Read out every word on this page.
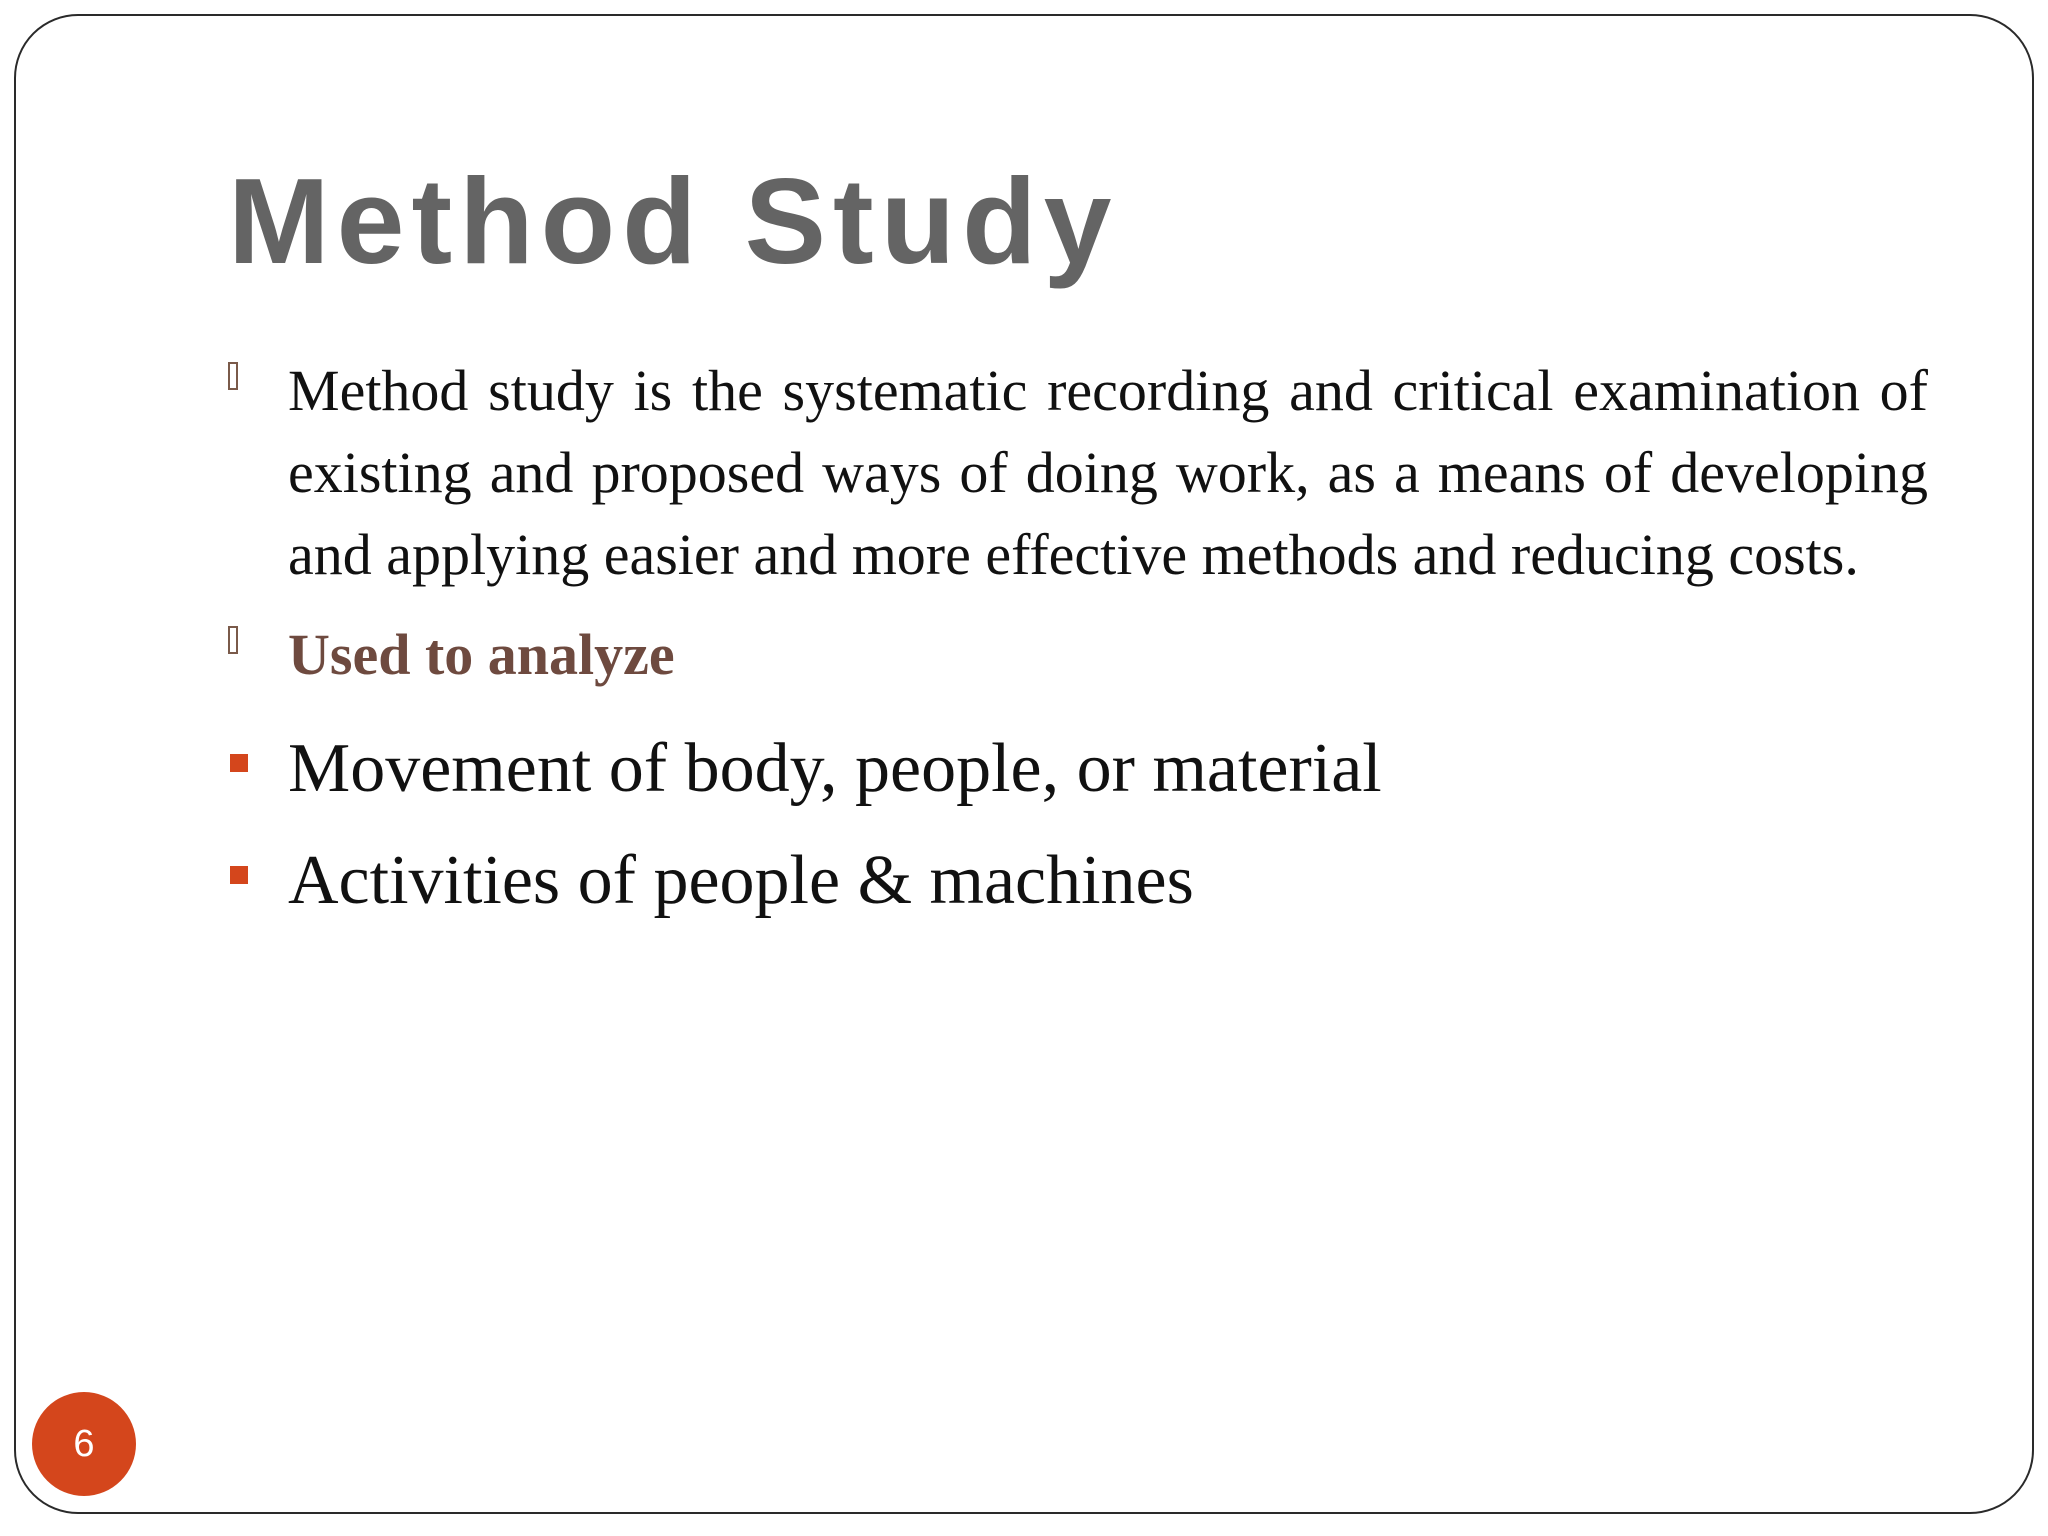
Method Study
Method study is the systematic recording and critical examination of existing and proposed ways of doing work, as a means of developing and applying easier and more effective methods and reducing costs.
Used to analyze
Movement of body, people, or material
Activities of people & machines
6
